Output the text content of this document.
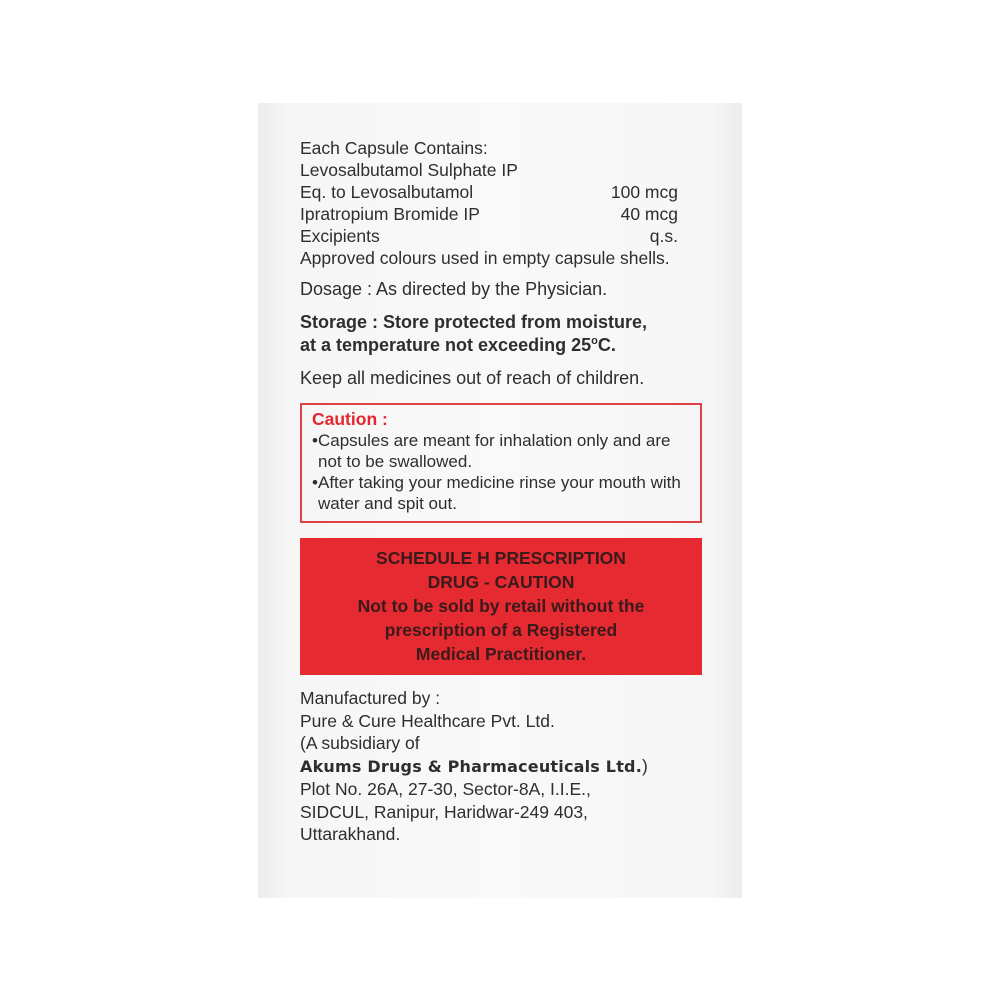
Each Capsule Contains:
Levosalbutamol Sulphate IP
Eq. to Levosalbutamol	100 mcg
Ipratropium Bromide IP	40 mcg
Excipients	q.s.
Approved colours used in empty capsule shells.
Dosage : As directed by the Physician.
Storage : Store protected from moisture,
at a temperature not exceeding 25$^o$C.
Keep all medicines out of reach of children.
Caution :
• Capsules are meant for inhalation only and are not to be swallowed.
• After taking your medicine rinse your mouth with water and spit out.
SCHEDULE H PRESCRIPTION
DRUG - CAUTION
Not to be sold by retail without the
prescription of a Registered
Medical Practitioner.
Manufactured by :
Pure & Cure Healthcare Pvt. Ltd.
(A subsidiary of
Akums Drugs & Pharmaceuticals Ltd.)
Plot No. 26A, 27-30, Sector-8A, I.I.E.,
SIDCUL, Ranipur, Haridwar-249 403,
Uttarakhand.
